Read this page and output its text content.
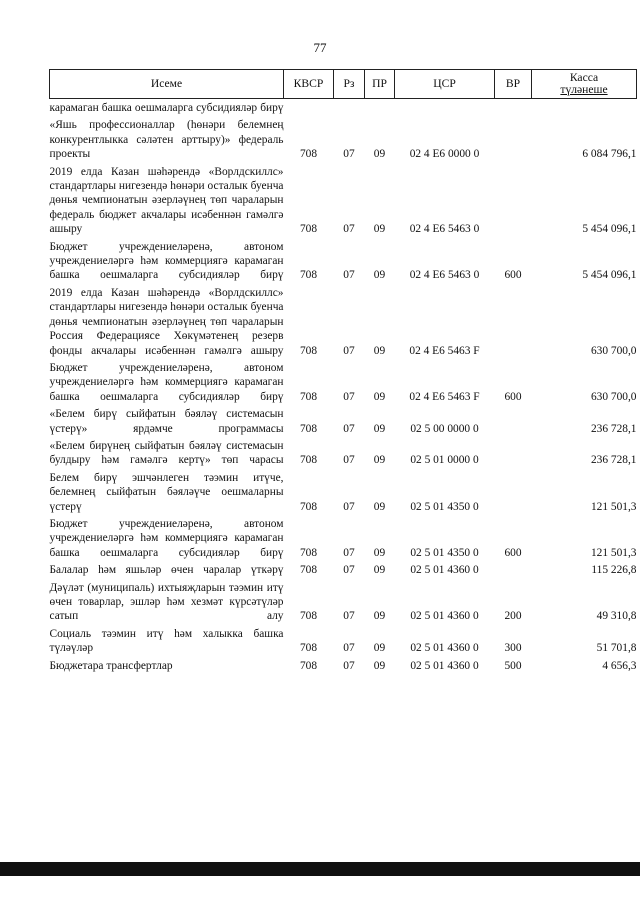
77
Исеме	КВСР	Рз	ПР	ЦСР	ВР	Касса
түләнеше

карамаган башка оешмаларга субсидияләр бирү						
«Яшь профессионаллар (һөнәри белемнең конкурентлыкка сәләтен арттыру)» федераль проекты	708	07	09	02 4 E6 0000 0		6 084 796,1
2019 елда Казан шәһәрендә «Ворлдскиллс» стандартлары нигезендә һөнәри осталык буенча дөнья чемпионатын әзерләүнең төп чараларын федераль бюджет акчалары исәбеннән гамәлгә ашыру	708	07	09	02 4 E6 5463 0		5 454 096,1
Бюджет учреждениеләренә, автоном учреждениеләргә һәм коммерциягә карамаган башка оешмаларга субсидияләр бирү	708	07	09	02 4 E6 5463 0	600	5 454 096,1
2019 елда Казан шәһәрендә «Ворлдскиллс» стандартлары нигезендә һөнәри осталык буенча дөнья чемпионатын әзерләүнең төп чараларын Россия Федерациясе Хөкүмәтенең резерв фонды акчалары исәбеннән гамәлгә ашыру	708	07	09	02 4 E6 5463 F		630 700,0
Бюджет учреждениеләренә, автоном учреждениеләргә һәм коммерциягә карамаган башка оешмаларга субсидияләр бирү	708	07	09	02 4 E6 5463 F	600	630 700,0
«Белем бирү сыйфатын бәяләү системасын үстерү» ярдәмче программасы	708	07	09	02 5 00 0000 0		236 728,1
«Белем бирүнең сыйфатын бәяләү системасын булдыру һәм гамәлгә кертү» төп чарасы	708	07	09	02 5 01 0000 0		236 728,1
Белем бирү эшчәнлеген тәэмин итүче, белемнең сыйфатын бәяләүче оешмаларны үстерү	708	07	09	02 5 01 4350 0		121 501,3
Бюджет учреждениеләренә, автоном учреждениеләргә һәм коммерциягә карамаган башка оешмаларга субсидияләр бирү	708	07	09	02 5 01 4350 0	600	121 501,3
Балалар һәм яшьләр өчен чаралар үткәрү	708	07	09	02 5 01 4360 0		115 226,8
Дәүләт (муниципаль) ихтыяҗларын тәэмин итү өчен товарлар, эшләр һәм хезмәт күрсәтүләр сатып алу	708	07	09	02 5 01 4360 0	200	49 310,8
Социаль тәэмин итү һәм халыкка башка түләүләр	708	07	09	02 5 01 4360 0	300	51 701,8
Бюджетара трансфертлар	708	07	09	02 5 01 4360 0	500	4 656,3
